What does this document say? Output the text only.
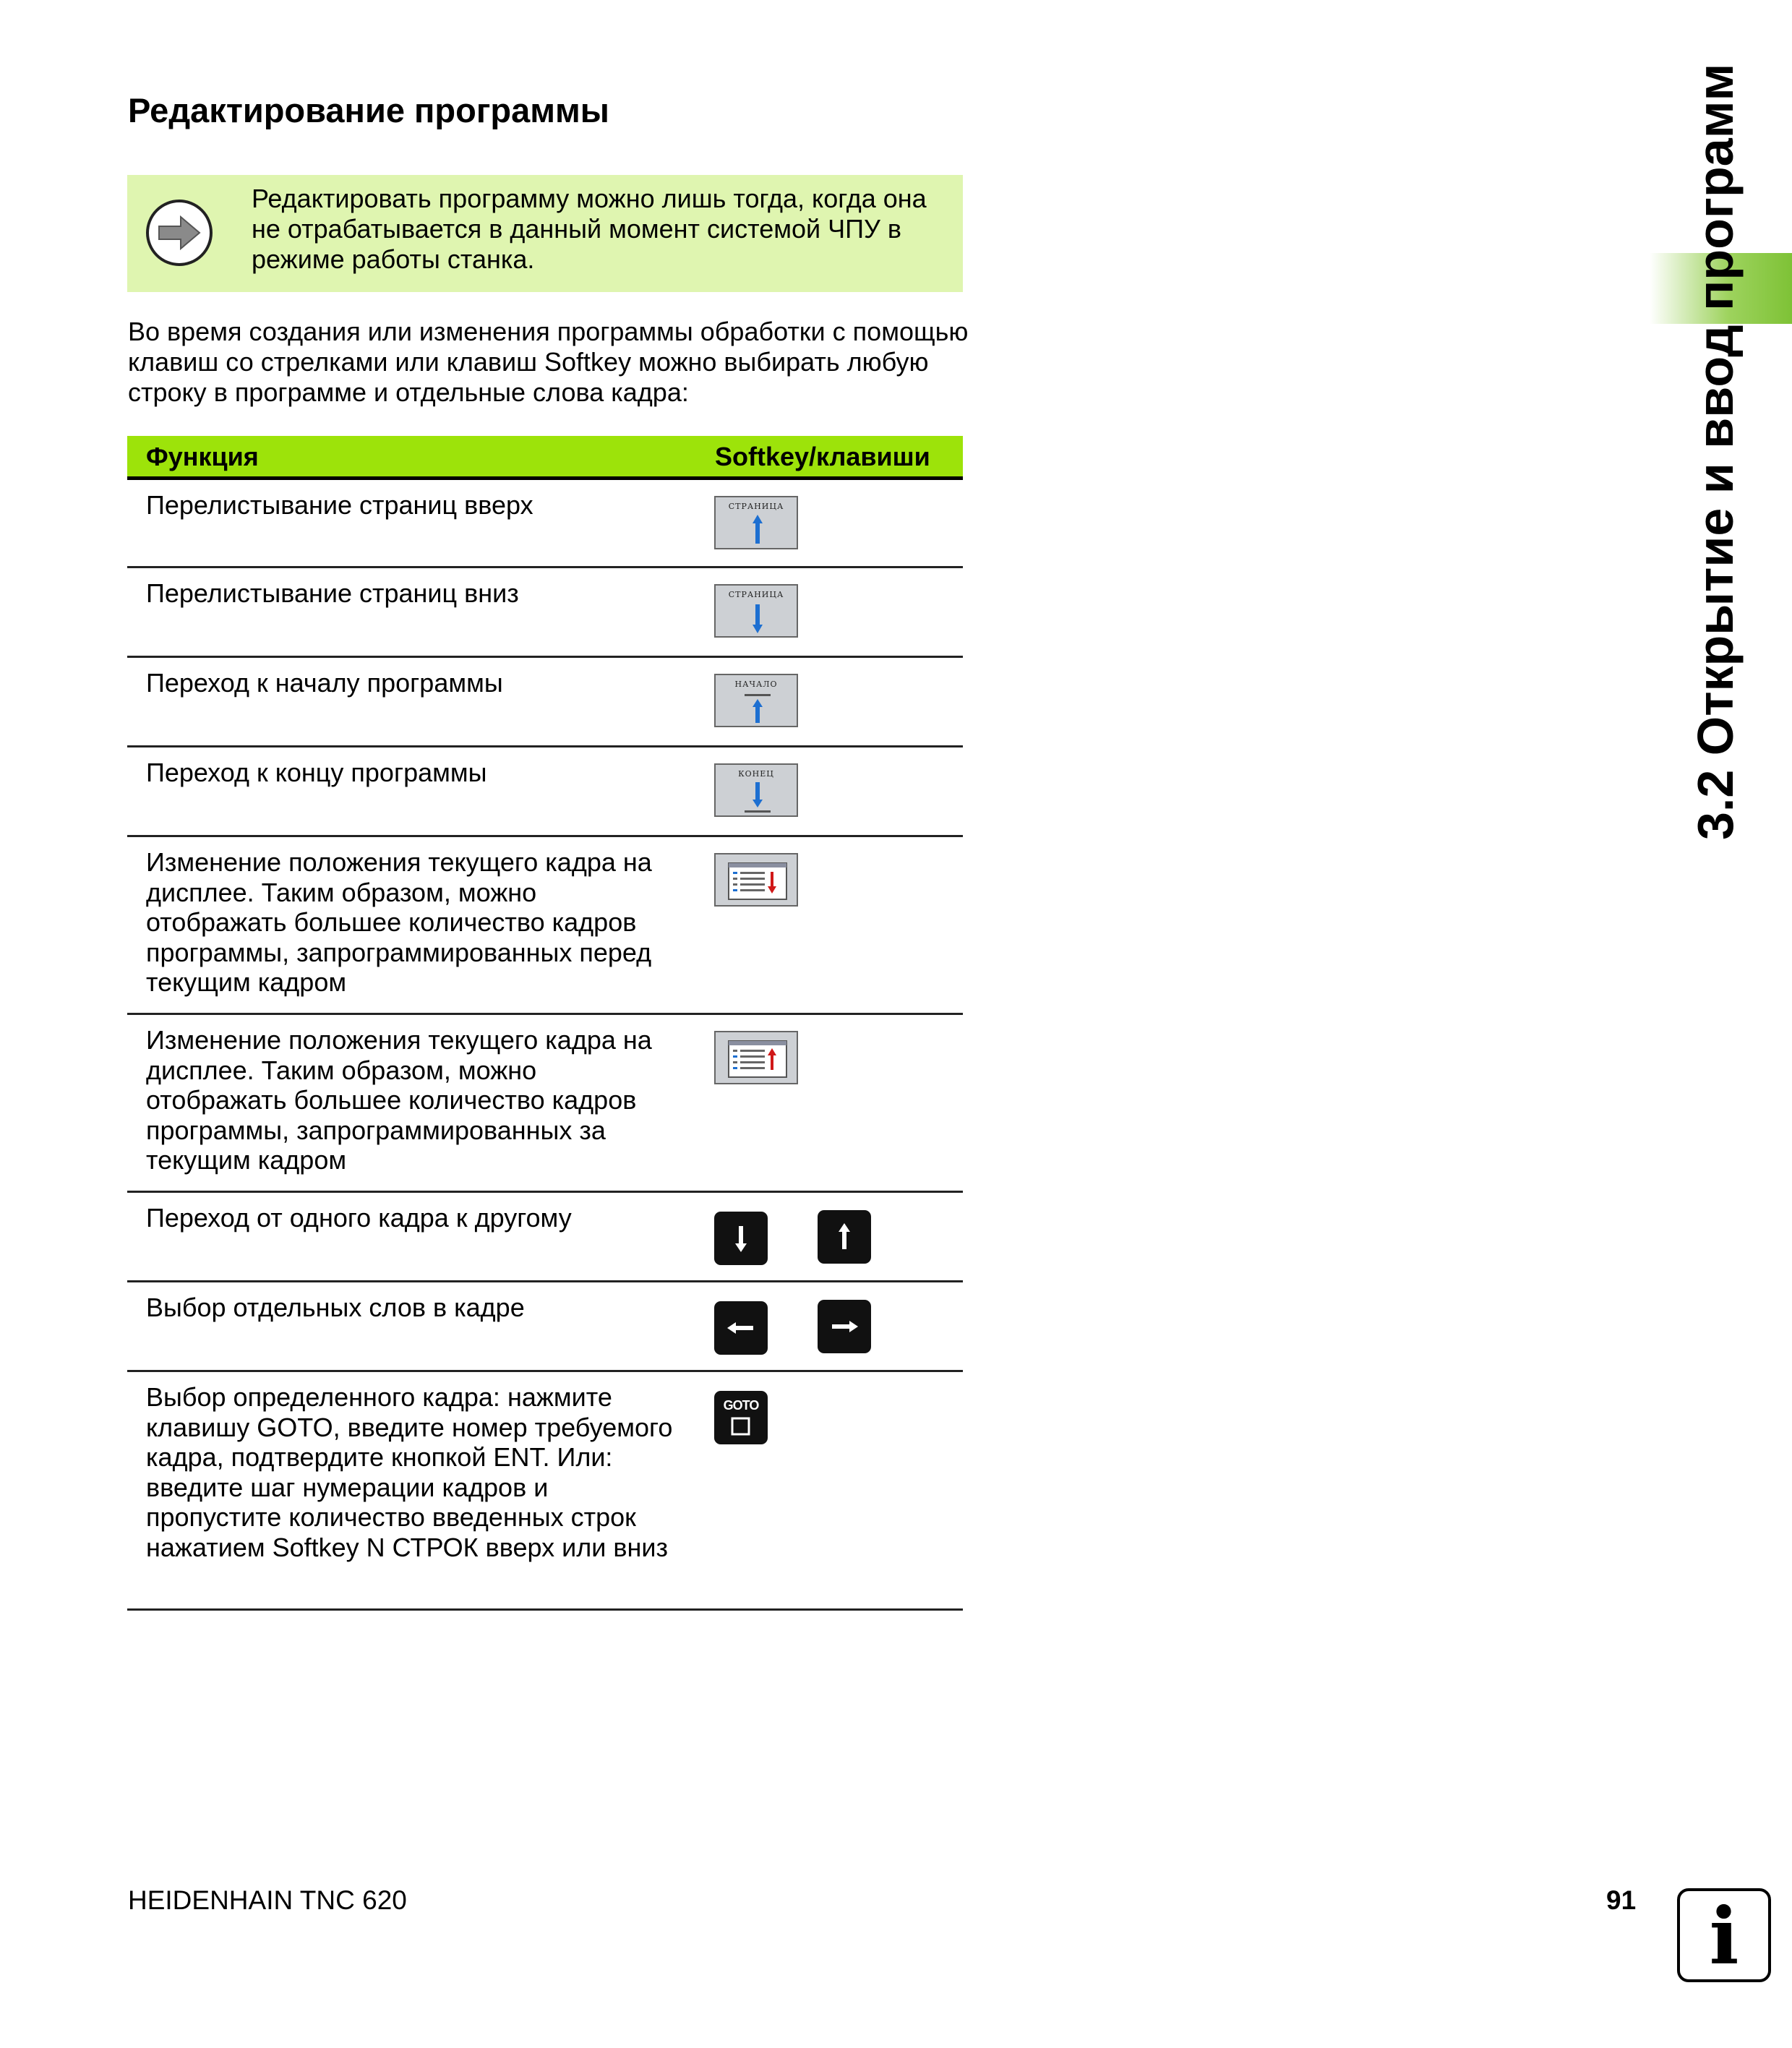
Редактирование программы
Редактировать программу можно лишь тогда, когда она не отрабатывается в данный момент системой ЧПУ в режиме работы станка.

Во время создания или изменения программы обработки с помощью клавиш со стрелками или клавиш Softkey можно выбирать любую строку в программе и отдельные слова кадра:

Функция	Softkey/клавиши
Перелистывание страниц вверх	СТРАНИЦА
Перелистывание страниц вниз	СТРАНИЦА
Переход к началу программы	НАЧАЛО
Переход к концу программы	КОНЕЦ
Изменение положения текущего кадра на дисплее. Таким образом, можно отображать большее количество кадров программы, запрограммированных перед текущим кадром
Изменение положения текущего кадра на дисплее. Таким образом, можно отображать большее количество кадров программы, запрограммированных за текущим кадром
Переход от одного кадра к другому
Выбор отдельных слов в кадре
Выбор определенного кадра: нажмите клавишу GOTO, введите номер требуемого кадра, подтвердите кнопкой ENT. Или: введите шаг нумерации кадров и пропустите количество введенных строк нажатием Softkey N СТРОК вверх или вниз
GOTO
3.2 Открытие и ввод программ
HEIDENHAIN TNC 620	91 i
